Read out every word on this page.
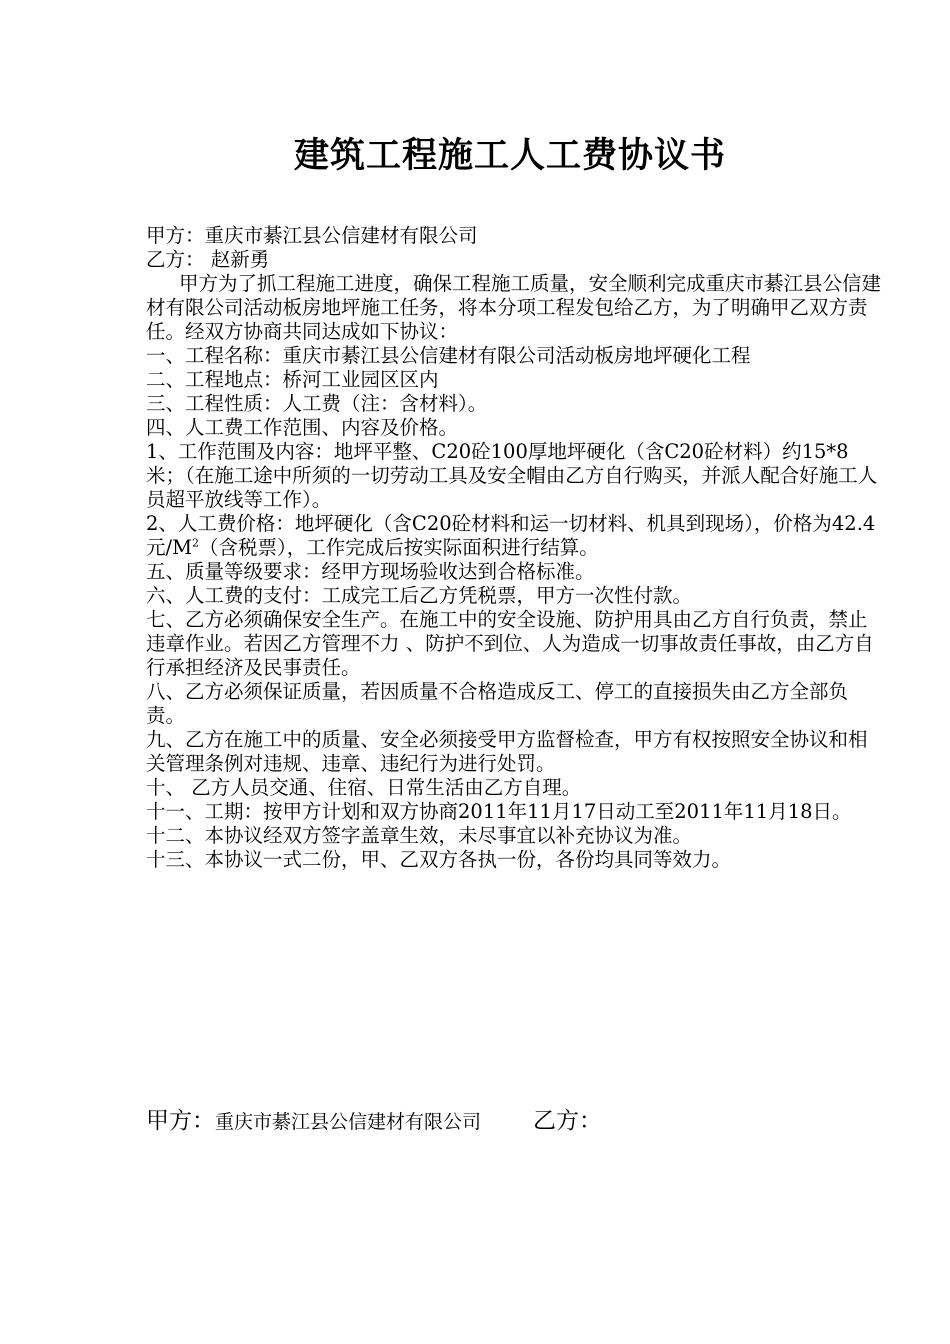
建筑工程施工人工费协议书

甲方：重庆市綦江县公信建材有限公司

乙方： 赵新勇

甲方为了抓工程施工进度，确保工程施工质量，安全顺利完成重庆市綦江县公信建材有限公司活动板房地坪施工任务，将本分项工程发包给乙方，为了明确甲乙双方责任。经双方协商共同达成如下协议：

一、工程名称：重庆市綦江县公信建材有限公司活动板房地坪硬化工程

二、工程地点：桥河工业园区区内

三、工程性质：人工费（注：含材料）。

四、人工费工作范围、内容及价格。

1、工作范围及内容：地坪平整、C20砼100厚地坪硬化（含C20砼材料）约15*8米；（在施工途中所须的一切劳动工具及安全帽由乙方自行购买，并派人配合好施工人员超平放线等工作）。

2、人工费价格：地坪硬化（含C20砼材料和运一切材料、机具到现场），价格为42.4元$/M^2$（含税票），工作完成后按实际面积进行结算。

五、质量等级要求：经甲方现场验收达到合格标准。

六、人工费的支付：工成完工后乙方凭税票，甲方一次性付款。

七、乙方必须确保安全生产。在施工中的安全设施、防护用具由乙方自行负责，禁止违章作业。若因乙方管理不力 、防护不到位、人为造成一切事故责任事故，由乙方自行承担经济及民事责任。

八、乙方必须保证质量，若因质量不合格造成反工、停工的直接损失由乙方全部负责。

九、乙方在施工中的质量、安全必须接受甲方监督检查，甲方有权按照安全协议和相关管理条例对违规、违章、违纪行为进行处罚。

十、 乙方人员交通、住宿、日常生活由乙方自理。

十一、工期：按甲方计划和双方协商2011年11月17日动工至2011年11月18日。

十二、本协议经双方签字盖章生效，未尽事宜以补充协议为准。

十三、本协议一式二份，甲、乙双方各执一份，各份均具同等效力。

甲方：重庆市綦江县公信建材有限公司 乙方：
